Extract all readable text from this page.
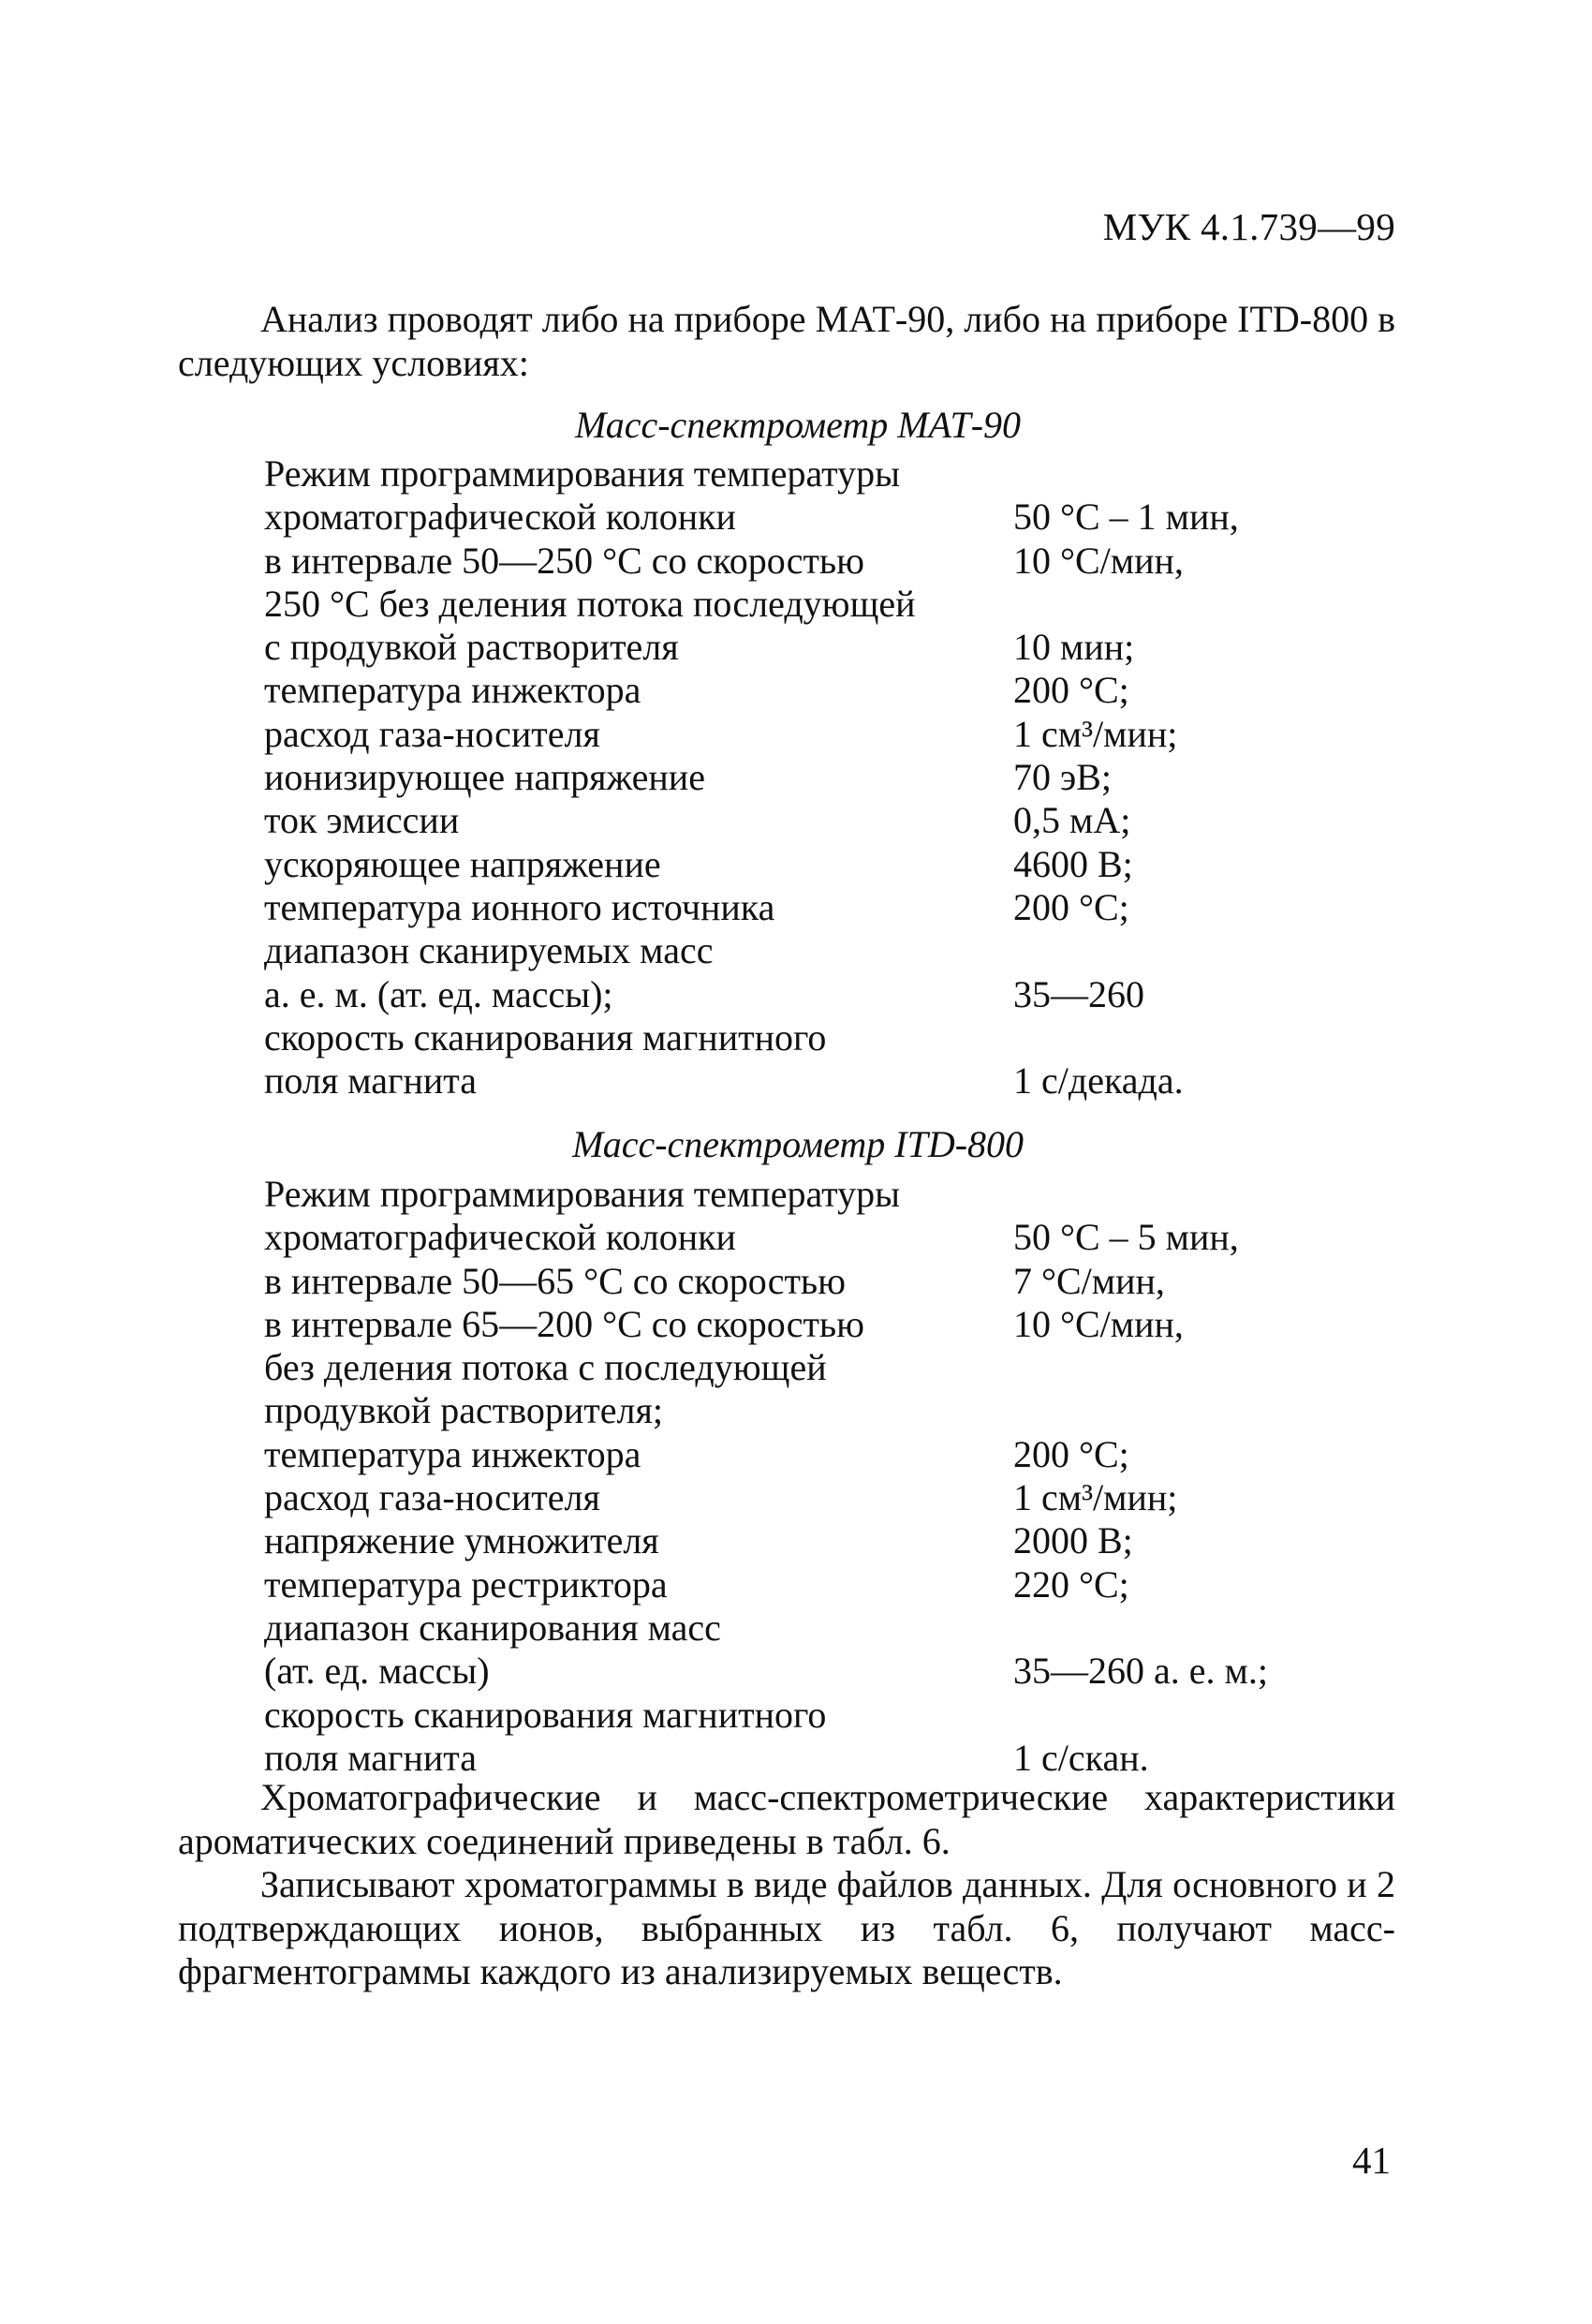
МУК 4.1.739—99
Анализ проводят либо на приборе МАТ-90, либо на приборе ITD-800 в следующих условиях:
Масс-спектрометр МАТ-90
Режим программирования температуры	
хроматографической колонки	50 °С – 1 мин,
в интервале 50—250 °С со скоростью	10 °С/мин,
250 °С без деления потока последующей	
с продувкой растворителя	10 мин;
температура инжектора	200 °С;
расход газа-носителя	1 см³/мин;
ионизирующее напряжение	70 эВ;
ток эмиссии	0,5 мА;
ускоряющее напряжение	4600 В;
температура ионного источника	200 °С;
диапазон сканируемых масс	
а. е. м. (ат. ед. массы);	35—260
скорость сканирования магнитного	
поля магнита	1 с/декада.
Масс-спектрометр ITD-800
Режим программирования температуры	
хроматографической колонки	50 °С – 5 мин,
в интервале 50—65 °С со скоростью	7 °С/мин,
в интервале 65—200 °С со скоростью	10 °С/мин,
без деления потока с последующей	
продувкой растворителя;	
температура инжектора	200 °С;
расход газа-носителя	1 см³/мин;
напряжение умножителя	2000 В;
температура рестриктора	220 °С;
диапазон сканирования масс	
(ат. ед. массы)	35—260 а. е. м.;
скорость сканирования магнитного	
поля магнита	1 с/скан.

Хроматографические и масс-спектрометрические характеристики ароматических соединений приведены в табл. 6.

Записывают хроматограммы в виде файлов данных. Для основного и 2 подтверждающих ионов, выбранных из табл. 6, получают масс-фрагментограммы каждого из анализируемых веществ.

41
